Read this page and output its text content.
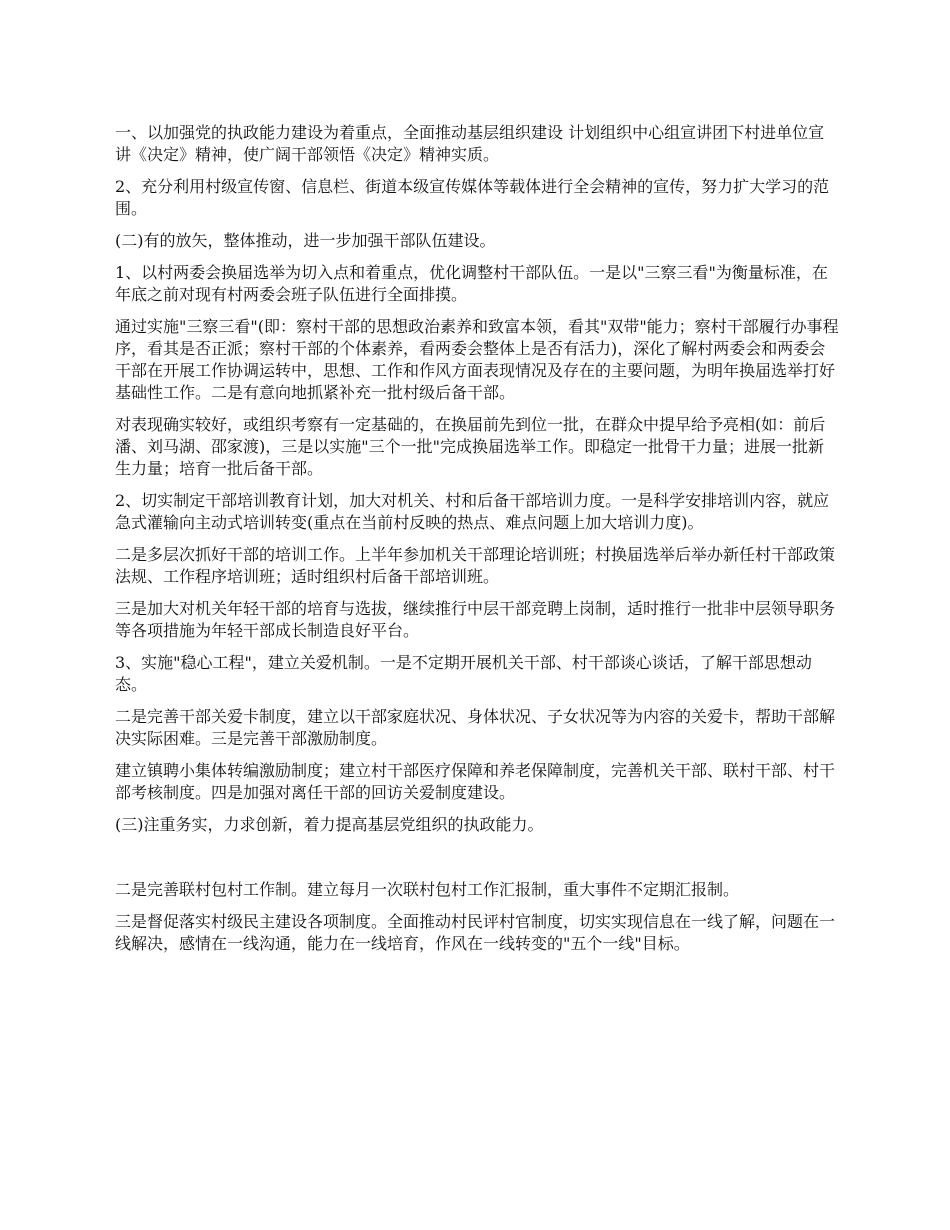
一、以加强党的执政能力建设为着重点，全面推动基层组织建设 计划组织中心组宣讲团下村进单位宣讲《决定》精神，使广阔干部领悟《决定》精神实质。

2、充分利用村级宣传窗、信息栏、街道本级宣传媒体等载体进行全会精神的宣传，努力扩大学习的范围。

(二)有的放矢，整体推动，进一步加强干部队伍建设。

1、以村两委会换届选举为切入点和着重点，优化调整村干部队伍。一是以"三察三看"为衡量标准，在年底之前对现有村两委会班子队伍进行全面排摸。

通过实施"三察三看"(即：察村干部的思想政治素养和致富本领，看其"双带"能力；察村干部履行办事程序，看其是否正派；察村干部的个体素养，看两委会整体上是否有活力)，深化了解村两委会和两委会干部在开展工作协调运转中，思想、工作和作风方面表现情况及存在的主要问题，为明年换届选举打好基础性工作。二是有意向地抓紧补充一批村级后备干部。

对表现确实较好，或组织考察有一定基础的，在换届前先到位一批，在群众中提早给予亮相(如：前后潘、刘马湖、邵家渡)，三是以实施"三个一批"完成换届选举工作。即稳定一批骨干力量；进展一批新生力量；培育一批后备干部。

2、切实制定干部培训教育计划，加大对机关、村和后备干部培训力度。一是科学安排培训内容，就应急式灌输向主动式培训转变(重点在当前村反映的热点、难点问题上加大培训力度)。

二是多层次抓好干部的培训工作。上半年参加机关干部理论培训班；村换届选举后举办新任村干部政策法规、工作程序培训班；适时组织村后备干部培训班。

三是加大对机关年轻干部的培育与选拔，继续推行中层干部竞聘上岗制，适时推行一批非中层领导职务等各项措施为年轻干部成长制造良好平台。

3、实施"稳心工程"，建立关爱机制。一是不定期开展机关干部、村干部谈心谈话，了解干部思想动态。

二是完善干部关爱卡制度，建立以干部家庭状况、身体状况、子女状况等为内容的关爱卡，帮助干部解决实际困难。三是完善干部激励制度。

建立镇聘小集体转编激励制度；建立村干部医疗保障和养老保障制度，完善机关干部、联村干部、村干部考核制度。四是加强对离任干部的回访关爱制度建设。

(三)注重务实，力求创新，着力提高基层党组织的执政能力。

二是完善联村包村工作制。建立每月一次联村包村工作汇报制，重大事件不定期汇报制。

三是督促落实村级民主建设各项制度。全面推动村民评村官制度，切实实现信息在一线了解，问题在一线解决，感情在一线沟通，能力在一线培育，作风在一线转变的"五个一线"目标。
